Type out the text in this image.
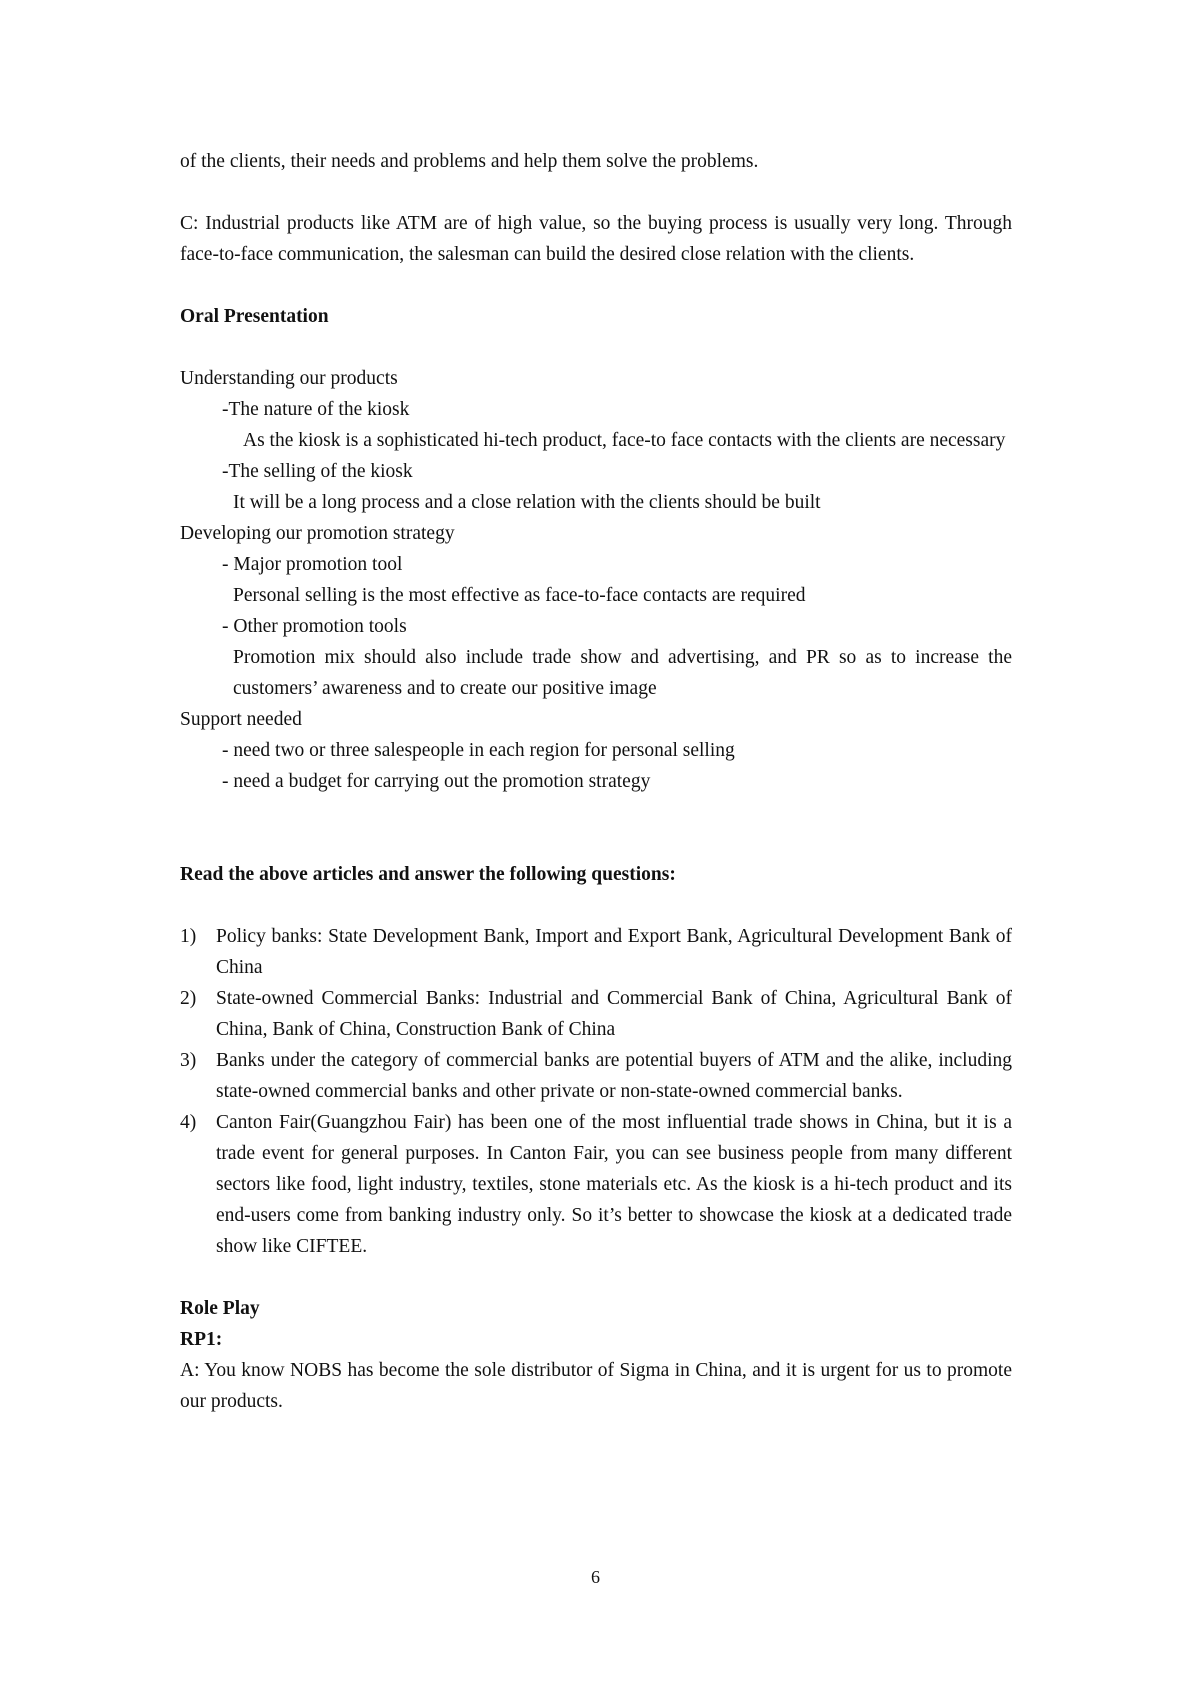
of the clients, their needs and problems and help them solve the problems.

C: Industrial products like ATM are of high value, so the buying process is usually very long. Through face-to-face communication, the salesman can build the desired close relation with the clients.

Oral Presentation

Understanding our products

-The nature of the kiosk

As the kiosk is a sophisticated hi-tech product, face-to face contacts with the clients are necessary

-The selling of the kiosk

It will be a long process and a close relation with the clients should be built

Developing our promotion strategy

- Major promotion tool

Personal selling is the most effective as face-to-face contacts are required

- Other promotion tools

Promotion mix should also include trade show and advertising, and PR so as to increase the customers’ awareness and to create our positive image

Support needed

- need two or three salespeople in each region for personal selling

- need a budget for carrying out the promotion strategy

Read the above articles and answer the following questions:

1) Policy banks: State Development Bank, Import and Export Bank, Agricultural Development Bank of China
2) State-owned Commercial Banks: Industrial and Commercial Bank of China, Agricultural Bank of China, Bank of China, Construction Bank of China
3) Banks under the category of commercial banks are potential buyers of ATM and the alike, including state-owned commercial banks and other private or non-state-owned commercial banks.
4) Canton Fair(Guangzhou Fair) has been one of the most influential trade shows in China, but it is a trade event for general purposes. In Canton Fair, you can see business people from many different sectors like food, light industry, textiles, stone materials etc. As the kiosk is a hi-tech product and its end-users come from banking industry only. So it’s better to showcase the kiosk at a dedicated trade show like CIFTEE.

Role Play

RP1:

A: You know NOBS has become the sole distributor of Sigma in China, and it is urgent for us to promote our products.

6
